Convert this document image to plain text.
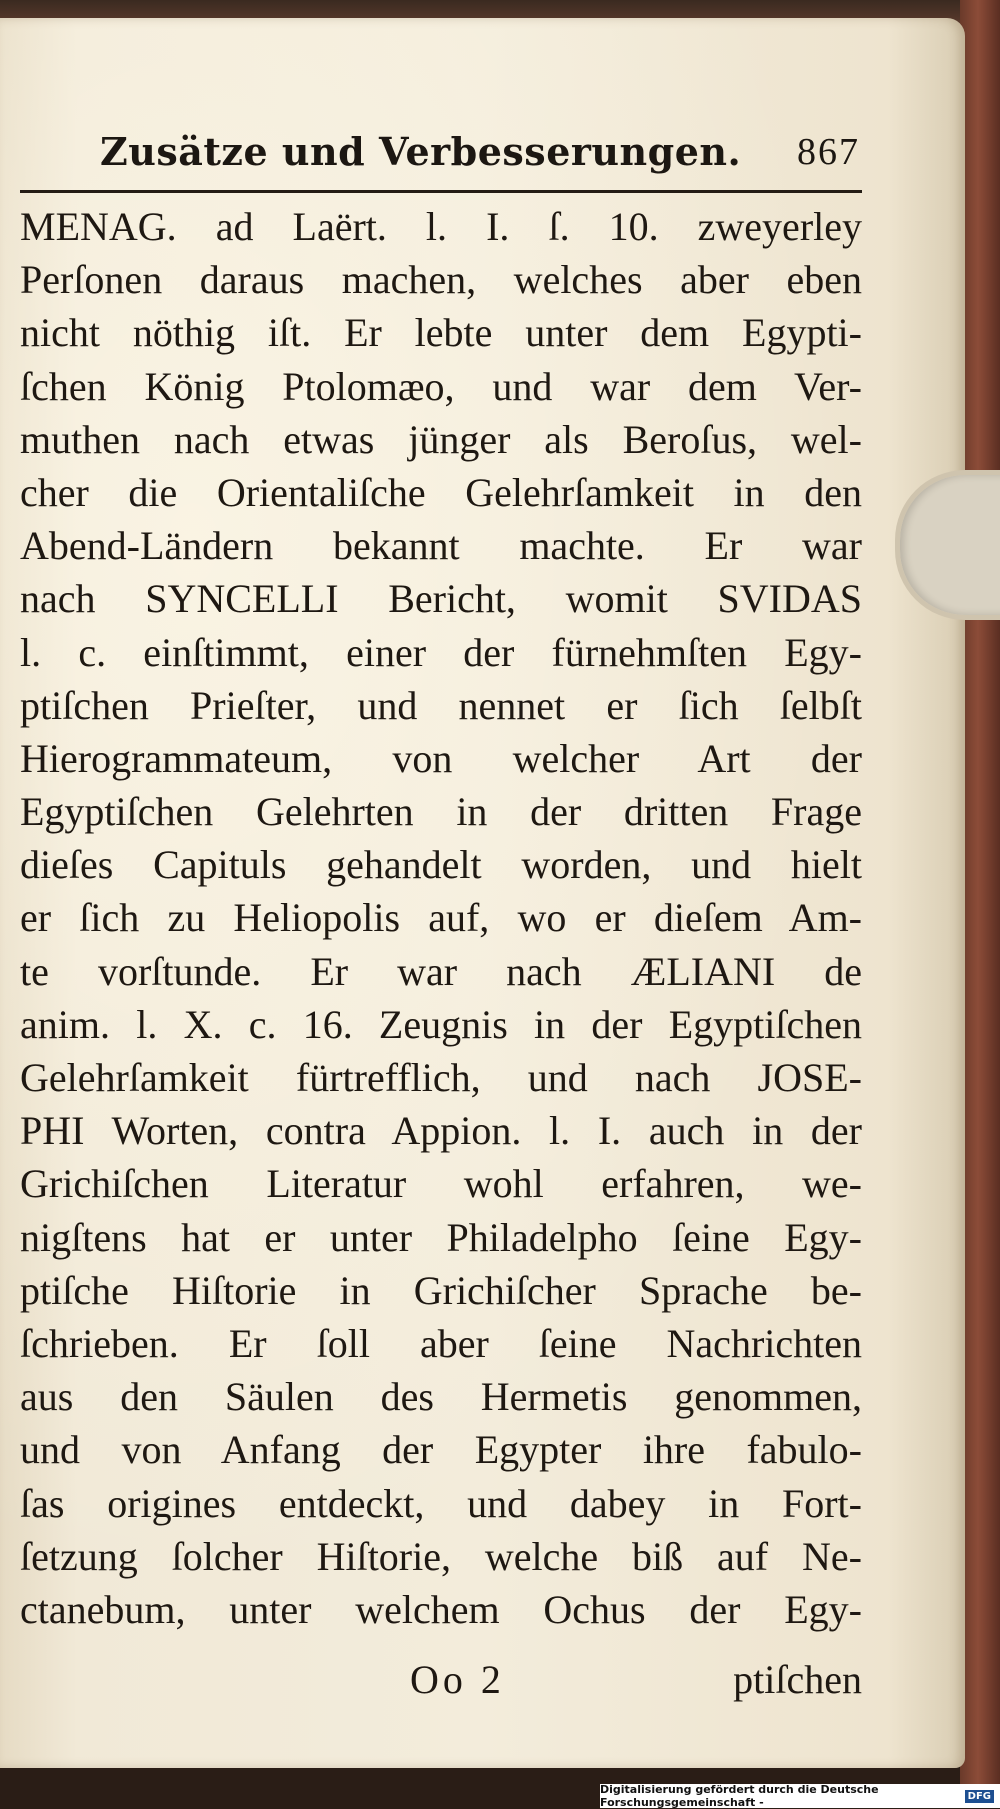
Zusätze und Verbesserungen. 867
MENAG. ad Laërt. l. I. ſ. 10. zweyerley
Perſonen daraus machen, welches aber eben
nicht nöthig iſt. Er lebte unter dem Egypti-
ſchen König Ptolomæo, und war dem Ver-
muthen nach etwas jünger als Beroſus, wel-
cher die Orientaliſche Gelehrſamkeit in den
Abend-Ländern bekannt machte. Er war
nach SYNCELLI Bericht, womit SVIDAS
l. c. einſtimmt, einer der fürnehmſten Egy-
ptiſchen Prieſter, und nennet er ſich ſelbſt
Hierogrammateum, von welcher Art der
Egyptiſchen Gelehrten in der dritten Frage
dieſes Capituls gehandelt worden, und hielt
er ſich zu Heliopolis auf, wo er dieſem Am-
te vorſtunde. Er war nach ÆLIANI de
anim. l. X. c. 16. Zeugnis in der Egyptiſchen
Gelehrſamkeit fürtrefflich, und nach JOSE-
PHI Worten, contra Appion. l. I. auch in der
Grichiſchen Literatur wohl erfahren, we-
nigſtens hat er unter Philadelpho ſeine Egy-
ptiſche Hiſtorie in Grichiſcher Sprache be-
ſchrieben. Er ſoll aber ſeine Nachrichten
aus den Säulen des Hermetis genommen,
und von Anfang der Egypter ihre fabulo-
ſas origines entdeckt, und dabey in Fort-
ſetzung ſolcher Hiſtorie, welche biß auf Ne-
ctanebum, unter welchem Ochus der Egy-
Oo 2	ptiſchen
Digitalisierung gefördert durch die Deutsche Forschungsgemeinschaft -	DFG
